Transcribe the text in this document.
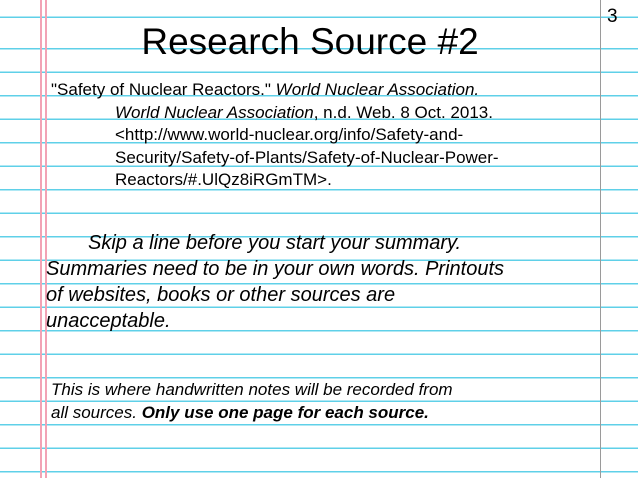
3
Research Source #2
"Safety of Nuclear Reactors." World Nuclear Association.
World Nuclear Association, n.d. Web. 8 Oct. 2013.
<http://www.world-nuclear.org/info/Safety-and-
Security/Safety-of-Plants/Safety-of-Nuclear-Power-
Reactors/#.UlQz8iRGmTM>.
Skip a line before you start your summary.
Summaries need to be in your own words. Printouts
of websites, books or other sources are
unacceptable.
This is where handwritten notes will be recorded from
all sources. Only use one page for each source.
